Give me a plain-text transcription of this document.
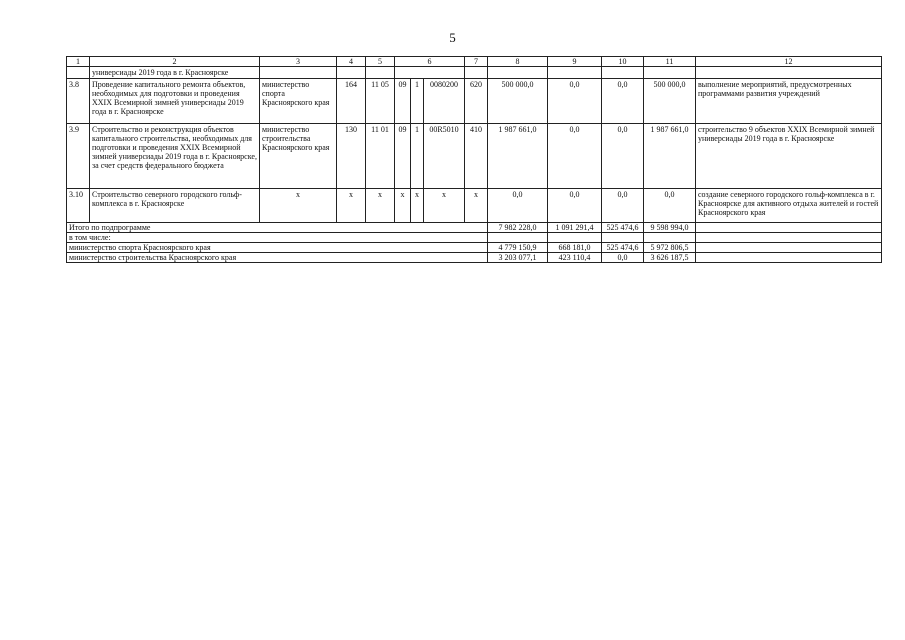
5
1	2	3	4	5	6			7	8	9	10	11	12
	универсиады 2019 года в г. Красноярске												
3.8	Проведение капитального ремонта объектов, необходимых для подготовки и проведения XXIX Всемирной зимней универсиады 2019 года в г. Красноярске	министерство спорта Красноярского края	164	11 05	09	1	0080200	620	500 000,0	0,0	0,0	500 000,0	выполнение мероприятий, предусмотренных программами развития учреждений
3.9	Строительство и реконструкция объектов капитального строительства, необходимых для подготовки и проведения XXIX Всемирной зимней универсиады 2019 года в г. Красноярске, за счет средств федерального бюджета	министерство строительства Красноярского края	130	11 01	09	1	00R5010	410	1 987 661,0	0,0	0,0	1 987 661,0	строительство 9 объектов XXIX Всемирной зимней универсиады 2019 года в г. Красноярске
3.10	Строительство северного городского гольф-комплекса в г. Красноярске	х	х	х	х	х	х	х	0,0	0,0	0,0	0,0	создание северного городского гольф-комплекса в г. Красноярске для активного отдыха жителей и гостей Красноярского края
Итого по подпрограмме									7 982 228,0	1 091 291,4	525 474,6	9 598 994,0	
в том числе:													
министерство спорта Красноярского края									4 779 150,9	668 181,0	525 474,6	5 972 806,5	
министерство строительства Красноярского края									3 203 077,1	423 110,4	0,0	3 626 187,5	
